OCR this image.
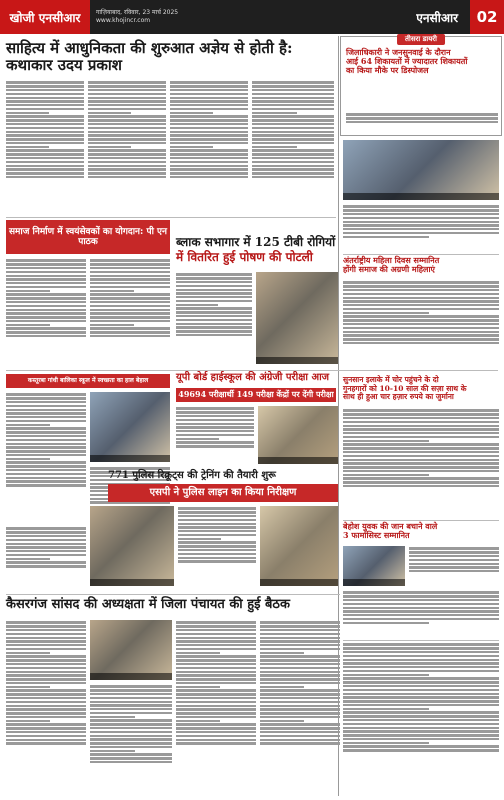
खोजी एनसीआर	गाज़ियाबाद, रविवार, 23 मार्च 2025
www.khojincr.com	एनसीआर	02
साहित्य में आधुनिकता की शुरुआत अज्ञेय से होती है: कथाकार उदय प्रकाश
समाज निर्माण में स्वयंसेवकों का योगदान: पी एन पाठक
तीसरा डायरी
जिलाधिकारी ने जनसुनवाई के दौरान
आई 64 शिकायतों में ज्यादातर शिकायतों
का किया मौके पर डिस्पोजल
ब्लाक सभागार में 125 टीबी रोगियों
में वितरित हुई पोषण की पोटली	अंतर्राष्ट्रीय महिला दिवस सम्मानित
होंगी समाज की अग्रणी महिलाएं
यूपी बोर्ड हाईस्कूल की अंग्रेजी परीक्षा आज
49694 परीक्षार्थी 149 परीक्षा केंद्रों पर देंगी परीक्षा
सुनसान इलाके में चोर पहुंचने के दो
गुनहगारों को 10-10 साल की सज़ा साथ के
साथ ही हुआ चार हज़ार रुपये का जुर्माना
कस्तूरबा गांधी बालिका स्कूल में स्वच्छता का हाल बेहाल
771 पुलिस रिक्रूट्स की ट्रेनिंग की तैयारी शुरू
एसपी ने पुलिस लाइन का किया निरीक्षण
बेहोश युवक की जान बचाने वाले
3 फार्मासिस्ट सम्मानित
कैसरगंज सांसद की अध्यक्षता में जिला पंचायत की हुई बैठक
